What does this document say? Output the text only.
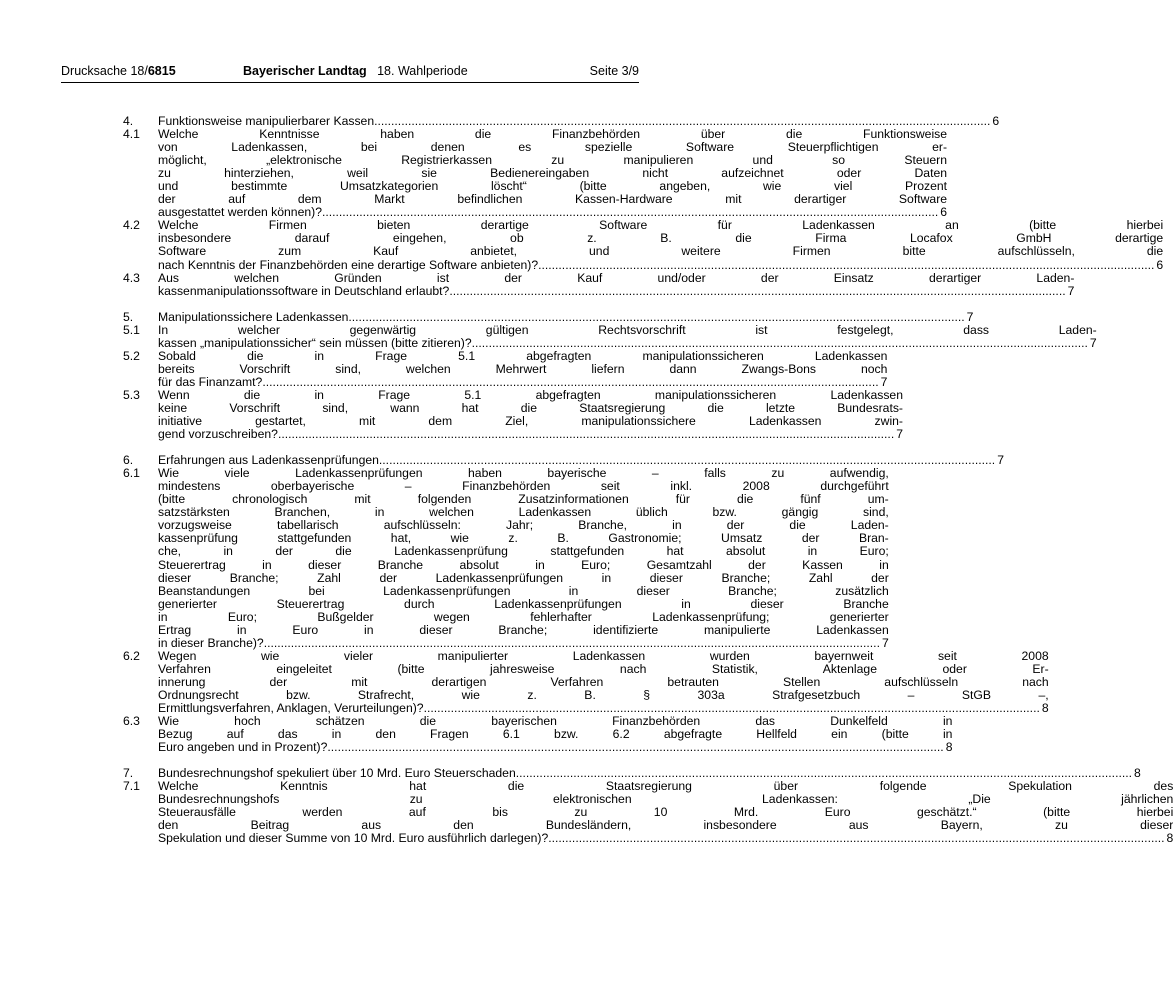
Drucksache 18/6815	Bayerischer Landtag 18. Wahlperiode	Seite 3/9
4.	Funktionsweise manipulierbarer Kassen .....	6
4.1	Welche Kenntnisse haben die Finanzbehörden über die Funktionsweise
von Ladenkassen, bei denen es spezielle Software Steuerpflichtigen er-
möglicht, „elektronische Registrierkassen zu manipulieren und so Steuern
zu hinterziehen, weil sie Bedienereingaben nicht aufzeichnet oder Daten
und bestimmte Umsatzkategorien löscht“ (bitte angeben, wie viel Prozent
der auf dem Markt befindlichen Kassen-Hardware mit derartiger Software
ausgestattet werden können)? .....	6
4.2	Welche Firmen bieten derartige Software für Ladenkassen an (bitte hierbei
insbesondere darauf eingehen, ob z. B. die Firma Locafox GmbH derartige
Software zum Kauf anbietet, und weitere Firmen bitte aufschlüsseln, die
nach Kenntnis der Finanzbehörden eine derartige Software anbieten)? .....	6
4.3	Aus welchen Gründen ist der Kauf und/oder der Einsatz derartiger Laden-
kassenmanipulationssoftware in Deutschland erlaubt? .....	7
5.	Manipulationssichere Ladenkassen .....	7
5.1	In welcher gegenwärtig gültigen Rechtsvorschrift ist festgelegt, dass Laden-
kassen „manipulationssicher“ sein müssen (bitte zitieren)? .....	7
5.2	Sobald die in Frage 5.1 abgefragten manipulationssicheren Ladenkassen
bereits Vorschrift sind, welchen Mehrwert liefern dann Zwangs-Bons noch
für das Finanzamt? .....	7
5.3	Wenn die in Frage 5.1 abgefragten manipulationssicheren Ladenkassen
keine Vorschrift sind, wann hat die Staatsregierung die letzte Bundesrats-
initiative gestartet, mit dem Ziel, manipulationssichere Ladenkassen zwin-
gend vorzuschreiben? .....	7
6.	Erfahrungen aus Ladenkassenprüfungen .....	7
6.1	Wie viele Ladenkassenprüfungen haben bayerische – falls zu aufwendig,
mindestens oberbayerische – Finanzbehörden seit inkl. 2008 durchgeführt
(bitte chronologisch mit folgenden Zusatzinformationen für die fünf um-
satzstärksten Branchen, in welchen Ladenkassen üblich bzw. gängig sind,
vorzugsweise tabellarisch aufschlüsseln: Jahr; Branche, in der die Laden-
kassenprüfung stattgefunden hat, wie z. B. Gastronomie; Umsatz der Bran-
che, in der die Ladenkassenprüfung stattgefunden hat absolut in Euro;
Steuerertrag in dieser Branche absolut in Euro; Gesamtzahl der Kassen in
dieser Branche; Zahl der Ladenkassenprüfungen in dieser Branche; Zahl der
Beanstandungen bei Ladenkassenprüfungen in dieser Branche; zusätzlich
generierter Steuerertrag durch Ladenkassenprüfungen in dieser Branche
in Euro; Bußgelder wegen fehlerhafter Ladenkassenprüfung; generierter
Ertrag in Euro in dieser Branche; identifizierte manipulierte Ladenkassen
in dieser Branche)? .....	7
6.2	Wegen wie vieler manipulierter Ladenkassen wurden bayernweit seit 2008
Verfahren eingeleitet (bitte jahresweise nach Statistik, Aktenlage oder Er-
innerung der mit derartigen Verfahren betrauten Stellen aufschlüsseln nach
Ordnungsrecht bzw. Strafrecht, wie z. B. § 303a Strafgesetzbuch – StGB –,
Ermittlungsverfahren, Anklagen, Verurteilungen)? .....	8
6.3	Wie hoch schätzen die bayerischen Finanzbehörden das Dunkelfeld in
Bezug auf das in den Fragen 6.1 bzw. 6.2 abgefragte Hellfeld ein (bitte in
Euro angeben und in Prozent)? .....	8
7.	Bundesrechnungshof spekuliert über 10 Mrd. Euro Steuerschaden .....	8
7.1	Welche Kenntnis hat die Staatsregierung über folgende Spekulation des
Bundesrechnungshofs zu elektronischen Ladenkassen: „Die jährlichen
Steuerausfälle werden auf bis zu 10 Mrd. Euro geschätzt.“ (bitte hierbei
den Beitrag aus den Bundesländern, insbesondere aus Bayern, zu dieser
Spekulation und dieser Summe von 10 Mrd. Euro ausführlich darlegen)? .....	8
